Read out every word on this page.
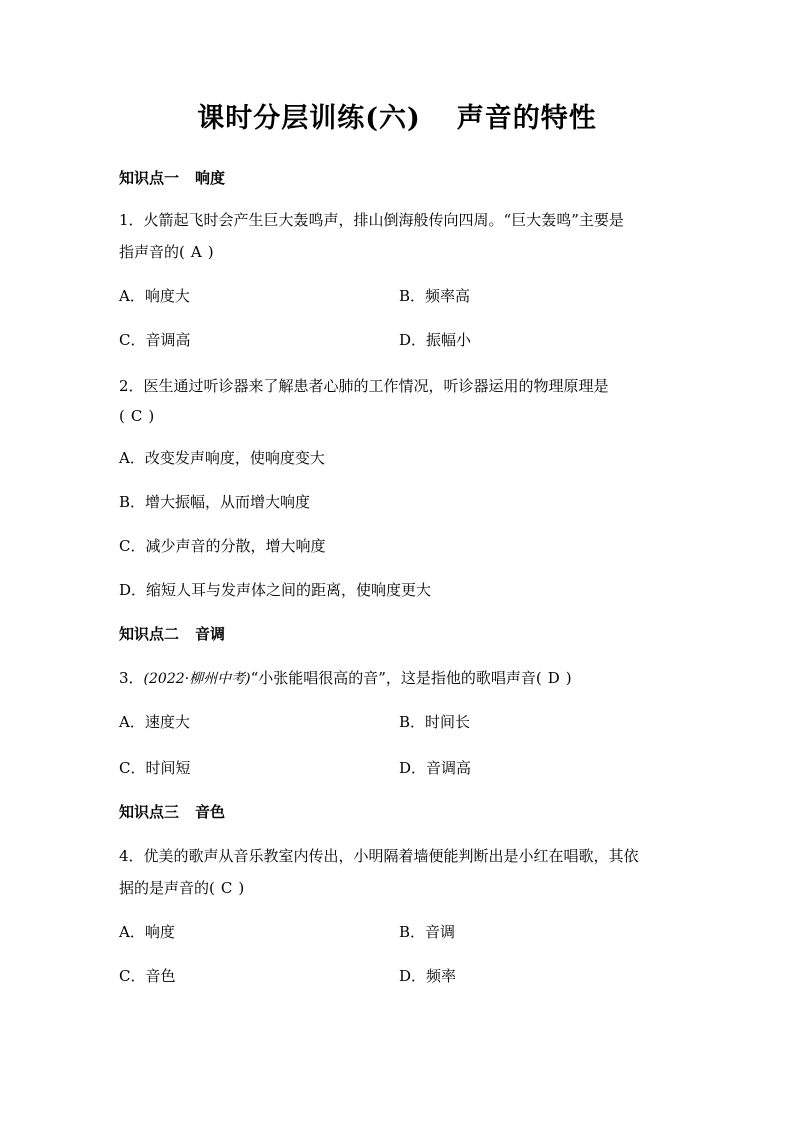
课时分层训练(六) 声音的特性
知识点一 响度
1．火箭起飞时会产生巨大轰鸣声，排山倒海般传向四周。“巨大轰鸣”主要是
指声音的( A )
A．响度大	B．频率高
C．音调高	D．振幅小
2．医生通过听诊器来了解患者心肺的工作情况，听诊器运用的物理原理是
( C )
A．改变发声响度，使响度变大
B．增大振幅，从而增大响度
C．减少声音的分散，增大响度
D．缩短人耳与发声体之间的距离，使响度更大
知识点二 音调
3．(2022·柳州中考)“小张能唱很高的音”，这是指他的歌唱声音( D )
A．速度大	B．时间长
C．时间短	D．音调高
知识点三 音色
4．优美的歌声从音乐教室内传出，小明隔着墙便能判断出是小红在唱歌，其依
据的是声音的( C )
A．响度	B．音调
C．音色	D．频率
